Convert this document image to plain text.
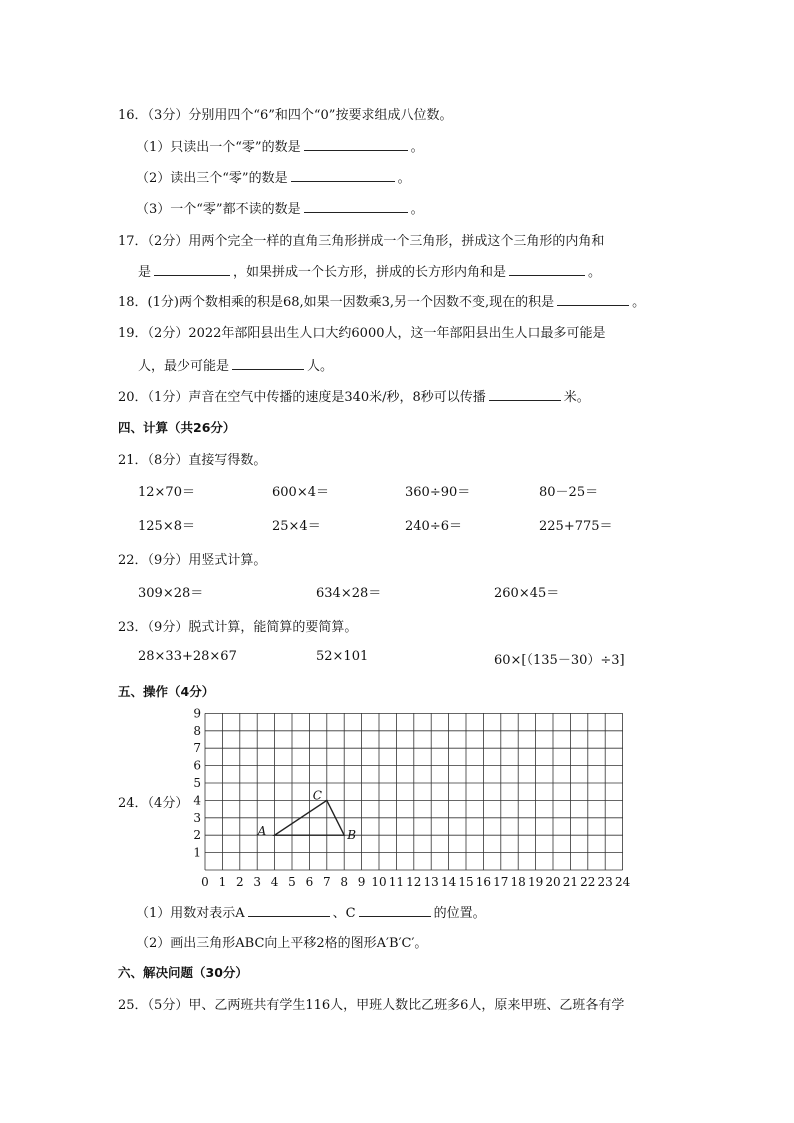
16．（3分）分别用四个“6”和四个“0”按要求组成八位数。
（1）只读出一个“零”的数是	。
（2）读出三个“零”的数是	。
（3）一个“零”都不读的数是	。
17．（2分）用两个完全一样的直角三角形拼成一个三角形，拼成这个三角形的内角和
是	，如果拼成一个长方形，拼成的长方形内角和是	。
18．(1分)两个数相乘的积是68,如果一因数乘3,另一个因数不变,现在的积是	。
19．（2分）2022年部阳县出生人口大约6000人，这一年部阳县出生人口最多可能是
人，最少可能是	人。
20．（1分）声音在空气中传播的速度是340米/秒，8秒可以传播	米。
四、计算（共26分）
21．（8分）直接写得数。
12×70＝	600×4＝	360÷90＝	80－25＝
125×8＝	25×4＝	240÷6＝	225+775＝
22．（9分）用竖式计算。
309×28＝	634×28＝	260×45＝
23．（9分）脱式计算，能简算的要简算。
28×33+28×67	52×101	60×[（135－30）÷3]
五、操作（4分）
24．（4分）
0 1 2 3 4 5 6 7 8 9 10 11 12 13 14 15 16 17 18 19 20 21 22 23 24
1
2
3
4
5
6
7
8
9
A	B
C
（1）用数对表示A	、C	的位置。
（2）画出三角形ABC向上平移2格的图形A′B′C′。
六、解决问题（30分）
25．（5分）甲、乙两班共有学生116人，甲班人数比乙班多6人，原来甲班、乙班各有学
